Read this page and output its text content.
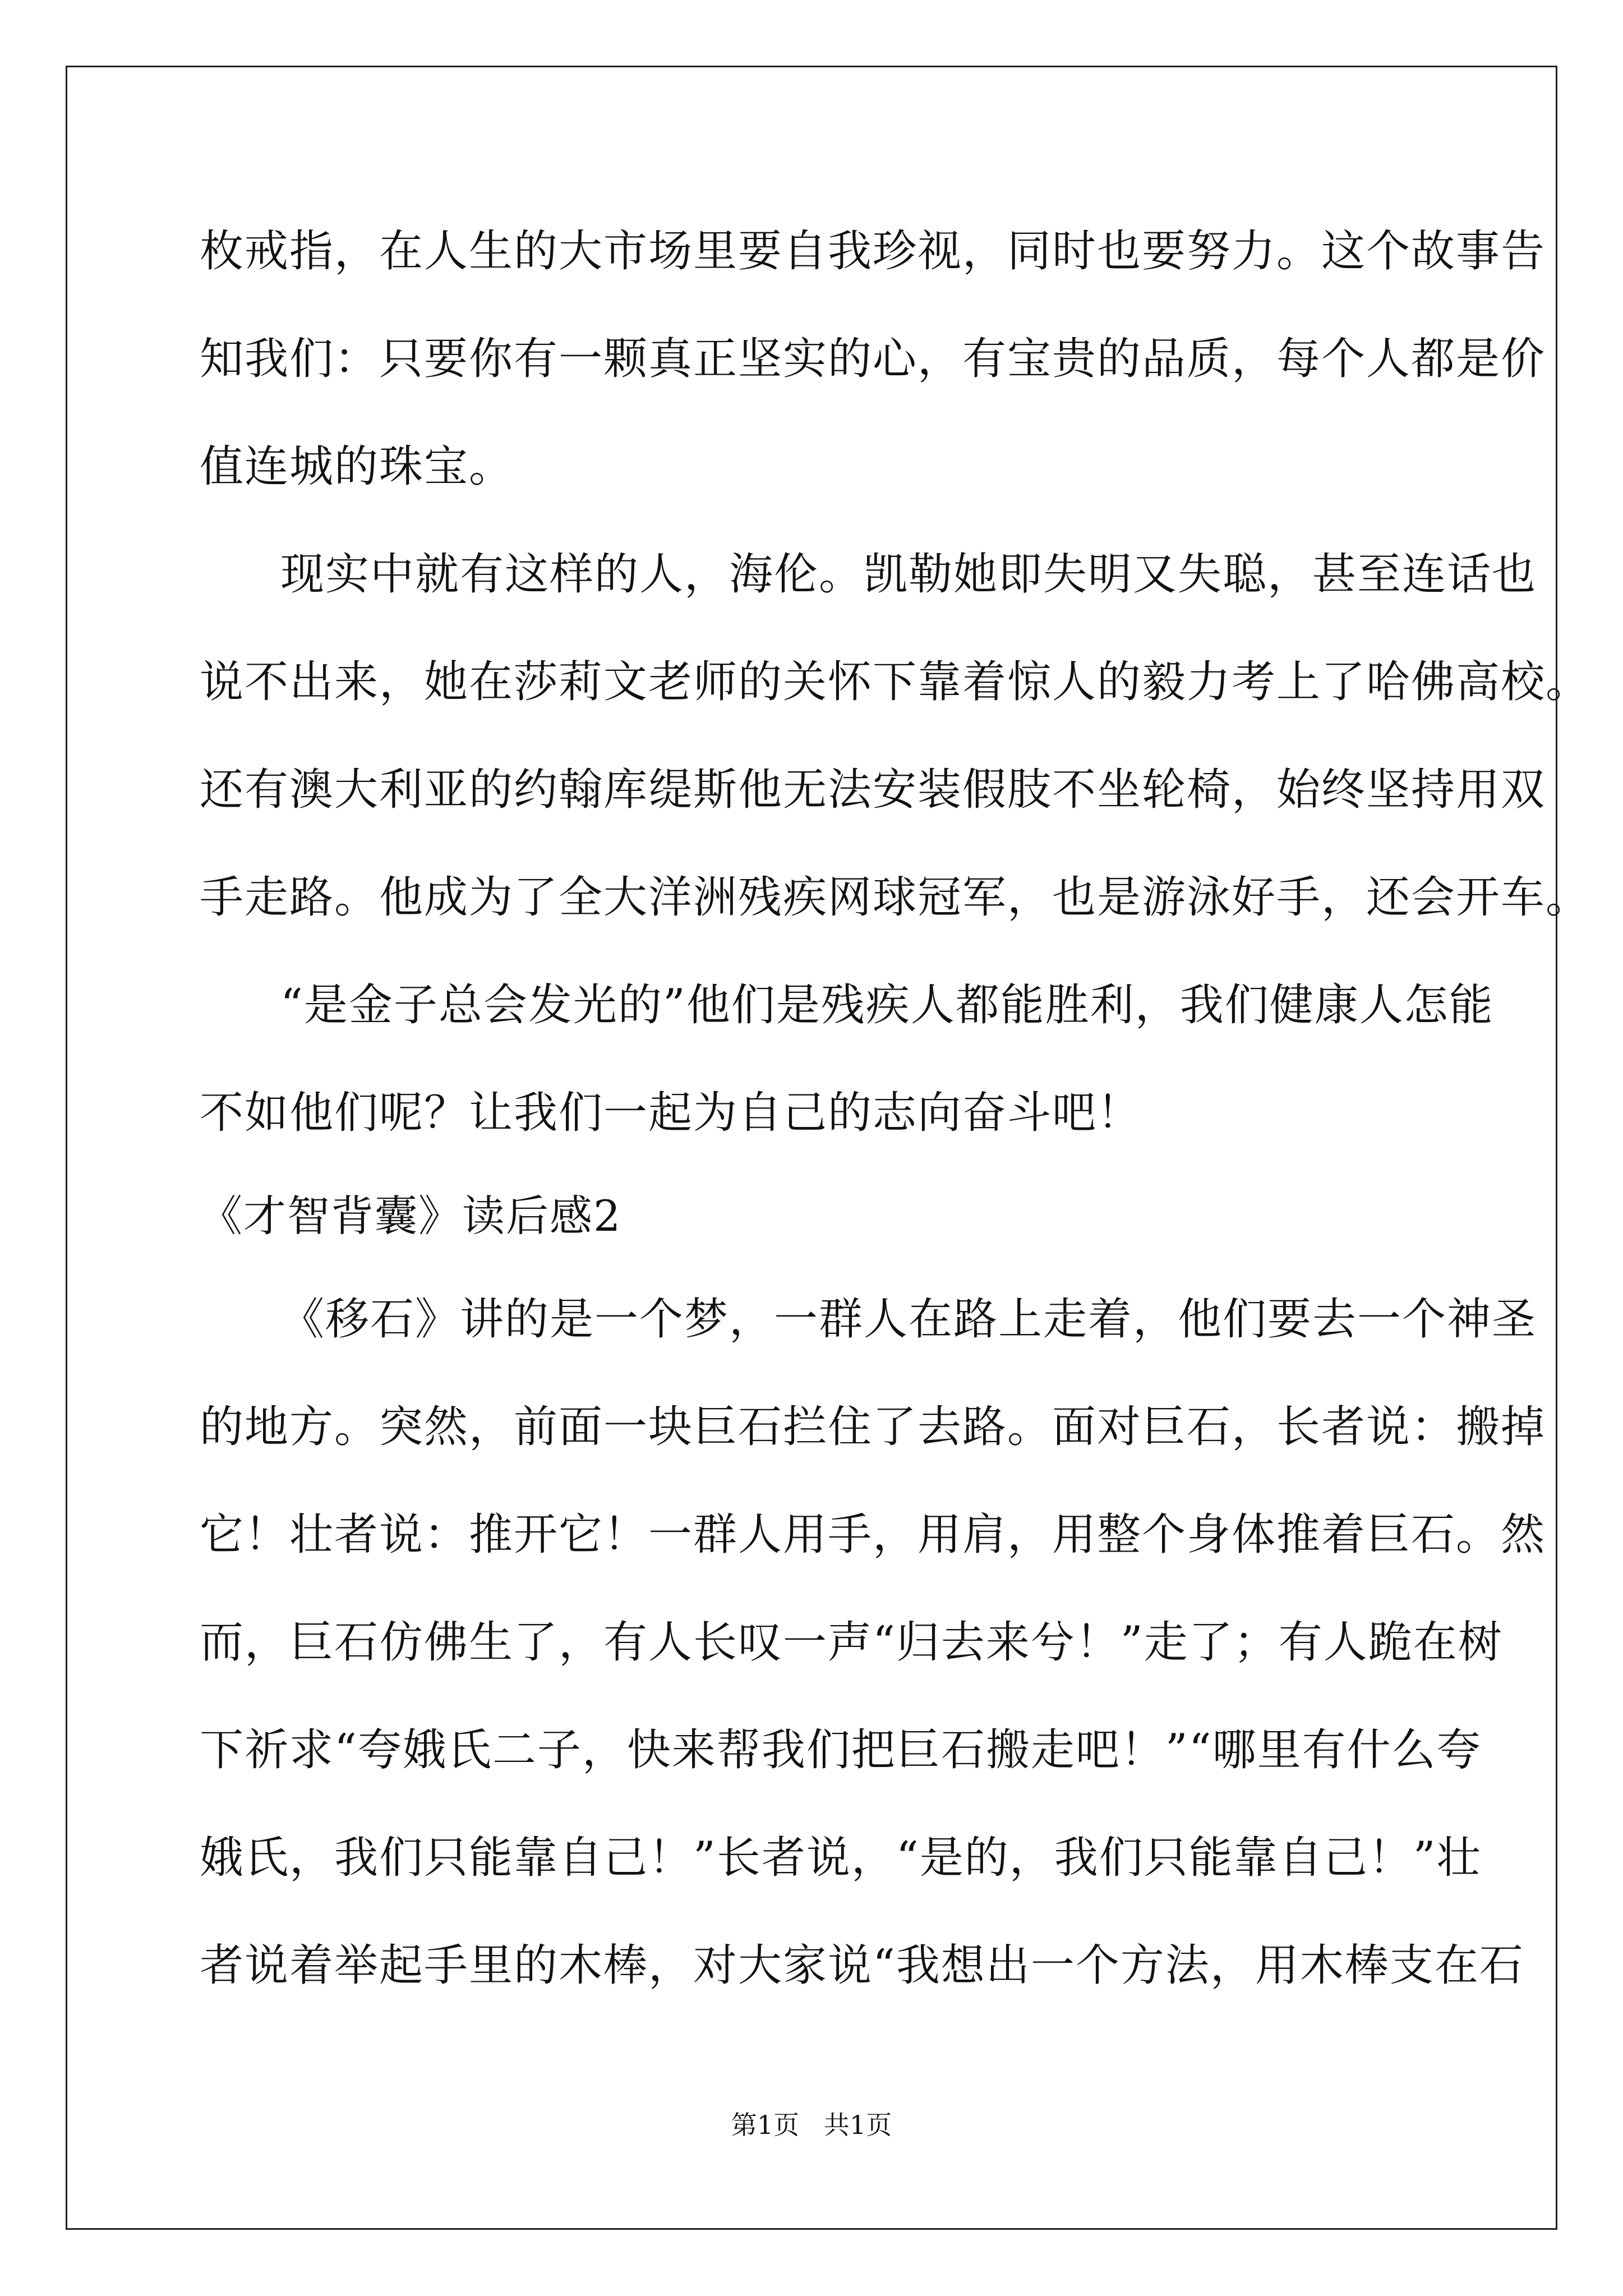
枚戒指，在人生的大市场里要自我珍视，同时也要努力。这个故事告
知我们：只要你有一颗真正坚实的心，有宝贵的品质，每个人都是价
值连城的珠宝。
现实中就有这样的人，海伦。凯勒她即失明又失聪，甚至连话也
说不出来，她在莎莉文老师的关怀下靠着惊人的毅力考上了哈佛高校。
还有澳大利亚的约翰库缇斯他无法安装假肢不坐轮椅，始终坚持用双
手走路。他成为了全大洋洲残疾网球冠军，也是游泳好手，还会开车。
“是金子总会发光的”他们是残疾人都能胜利，我们健康人怎能
不如他们呢？让我们一起为自己的志向奋斗吧！
《才智背囊》读后感2
《移石》讲的是一个梦，一群人在路上走着，他们要去一个神圣
的地方。突然，前面一块巨石拦住了去路。面对巨石，长者说：搬掉
它！壮者说：推开它！一群人用手，用肩，用整个身体推着巨石。然
而，巨石仿佛生了，有人长叹一声“归去来兮！”走了；有人跪在树
下祈求“夸娥氏二子，快来帮我们把巨石搬走吧！”“哪里有什么夸
娥氏，我们只能靠自己！”长者说，“是的，我们只能靠自己！”壮
者说着举起手里的木棒，对大家说“我想出一个方法，用木棒支在石
第1页   共1页
